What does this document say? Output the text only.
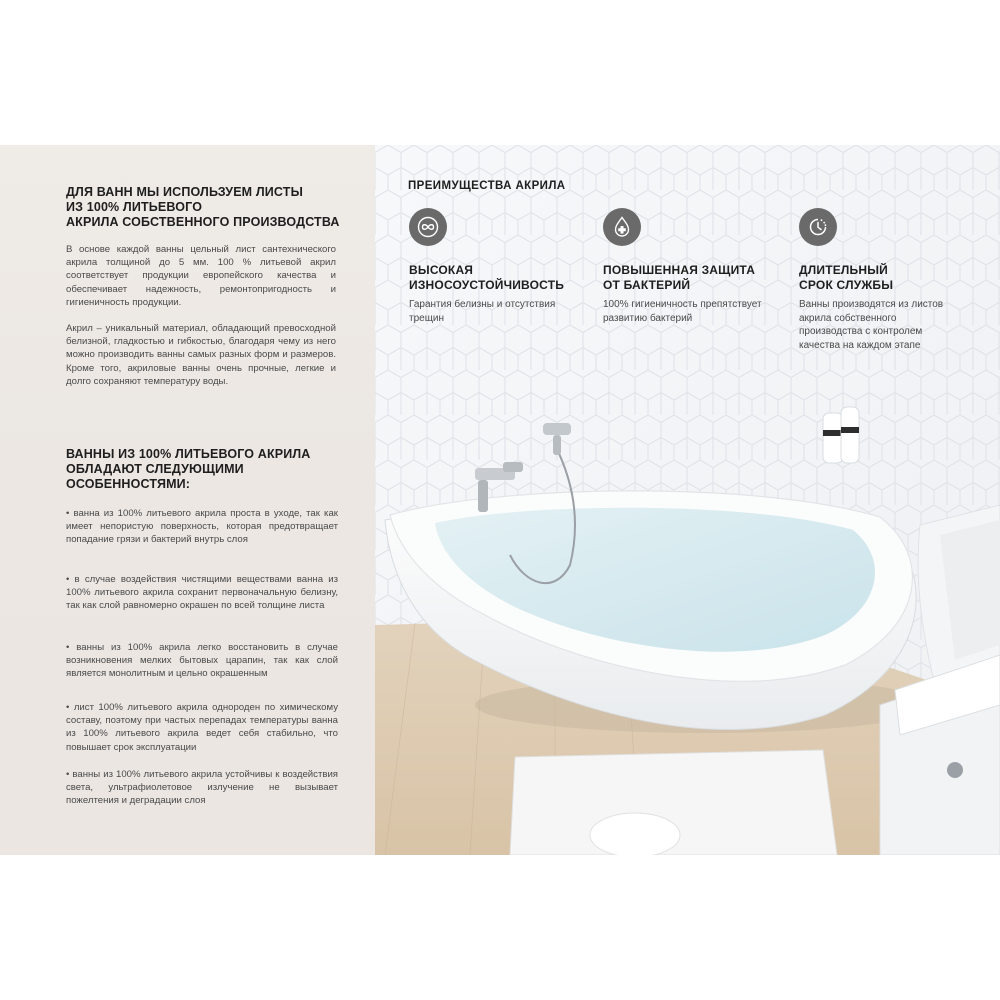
ДЛЯ ВАНН МЫ ИСПОЛЬЗУЕМ ЛИСТЫ
ИЗ 100% ЛИТЬЕВОГО
АКРИЛА СОБСТВЕННОГО ПРОИЗВОДСТВА

В основе каждой ванны цельный лист сантехнического акрила толщиной до 5 мм. 100 % литьевой акрил соответствует продукции европейского качества и обеспечивает надежность, ремонтопригодность и гигиеничность продукции.

Акрил – уникальный материал, обладающий превосходной белизной, гладкостью и гибкостью, благодаря чему из него можно производить ванны самых разных форм и размеров. Кроме того, акриловые ванны очень прочные, легкие и долго сохраняют температуру воды.

ВАННЫ ИЗ 100% ЛИТЬЕВОГО АКРИЛА
ОБЛАДАЮТ СЛЕДУЮЩИМИ
ОСОБЕННОСТЯМИ:

• ванна из 100% литьевого акрила проста в уходе, так как имеет непористую поверхность, которая предотвращает попадание грязи и бактерий внутрь слоя

• в случае воздействия чистящими веществами ванна из 100% литьевого акрила сохранит первоначальную белизну, так как слой равномерно окрашен по всей толщине листа

• ванны из 100% акрила легко восстановить в случае возникновения мелких бытовых царапин, так как слой является монолитным и цельно окрашенным

• лист 100% литьевого акрила однороден по химическому составу, поэтому при частых перепадах температуры ванна из 100% литьевого акрила ведет себя стабильно, что повышает срок эксплуатации

• ванны из 100% литьевого акрила устойчивы к воздействия света, ультрафиолетовое излучение не вызывает пожелтения и деградации слоя

ПРЕИМУЩЕСТВА АКРИЛА
ВЫСОКАЯ
ИЗНОСОУСТОЙЧИВОСТЬ
Гарантия белизны и отсутствия трещин
ПОВЫШЕННАЯ ЗАЩИТА
ОТ БАКТЕРИЙ
100% гигиеничность препятствует развитию бактерий
ДЛИТЕЛЬНЫЙ
СРОК СЛУЖБЫ
Ванны производятся из листов акрила собственного производства с контролем качества на каждом этапе
